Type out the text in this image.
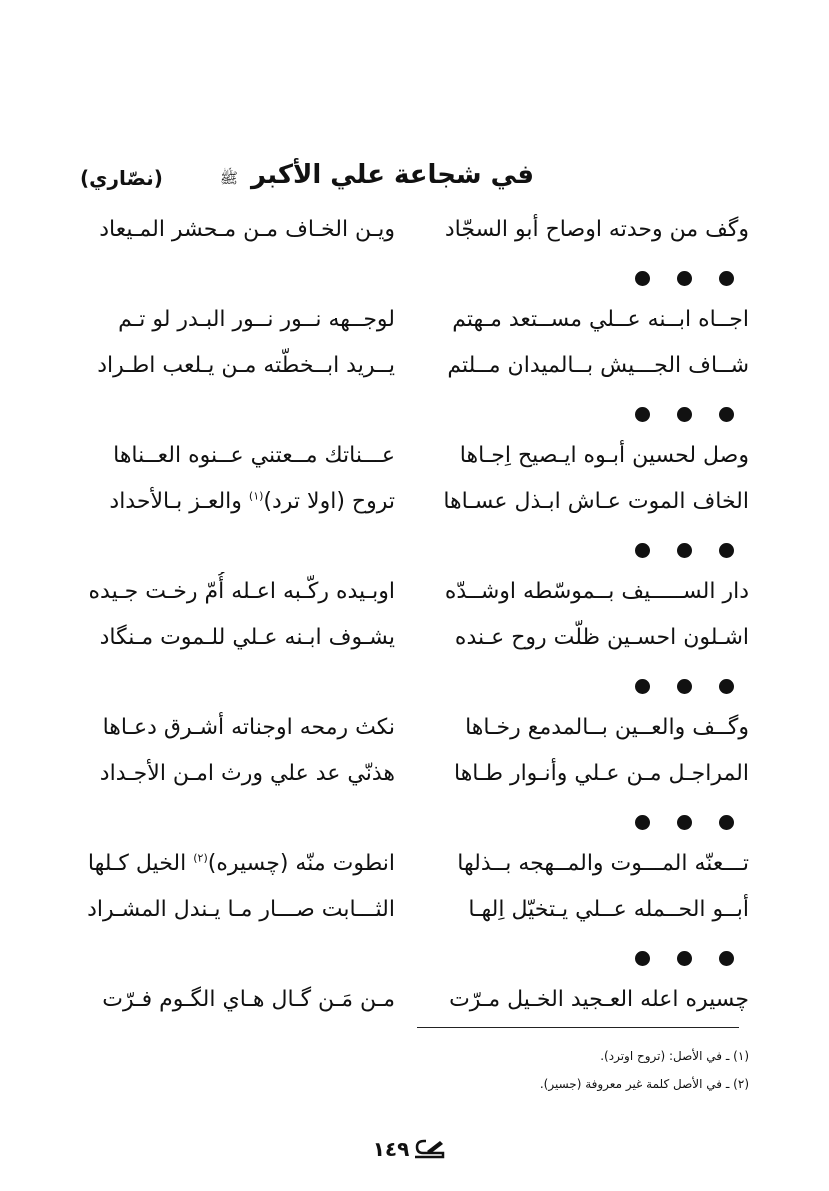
في شجاعة علي الأكبر ﷺ
(نصّاري)
وگف من وحدته اوصاح أبو السجّاد
ويـن الخـاف مـن مـحشر المـيعاد
اجــاه ابــنه عــلي مســتعد مـهتم
لوجــهه نــور نــور البـدر لو تـم
شــاف الجـــيش بــالميدان مــلتم
يــريد ابــخطّته مـن يـلعب اطـراد
وصل لحسين أبـوه ايـصيح اِجـاها
عـــناتك مــعتني عــنوه العــناها
الخاف الموت عـاش ابـذل عسـاها
تروح (اولا ترد)$^{(١)}$ والعـز بـالأحداد
دار الســـــيف بــموسّطه اوشــدّه
اوبـيده ركّـبه اعـله أُمّ رخـت جـيده
اشـلون احسـين ظلّت روح عـنده
يشـوف ابـنه عـلي للـموت مـنگاد
وگــف والعــين بــالمدمع رخـاها
نكث رمحه اوجناته أشـرق دعـاها
المراجـل مـن عـلي وأنـوار طـاها
هذنّي عد علي ورث امـن الأجـداد
تـــعنّه المـــوت والمــهجه بــذلها
انطوت منّه (چسيره)$^{(٢)}$ الخيل كـلها
أبــو الحــمله عــلي يـتخيّل اِلهـا
الثـــابت صـــار مـا يـندل المشـراد
چسيره اعله العـجيد الخـيل مـرّت
مـن مَـن گـال هـاي الگـوم فـرّت
(١) ـ في الأصل: (تروح اوترد).
(٢) ـ في الأصل كلمة غير معروفة (جسير).
١٤٩
